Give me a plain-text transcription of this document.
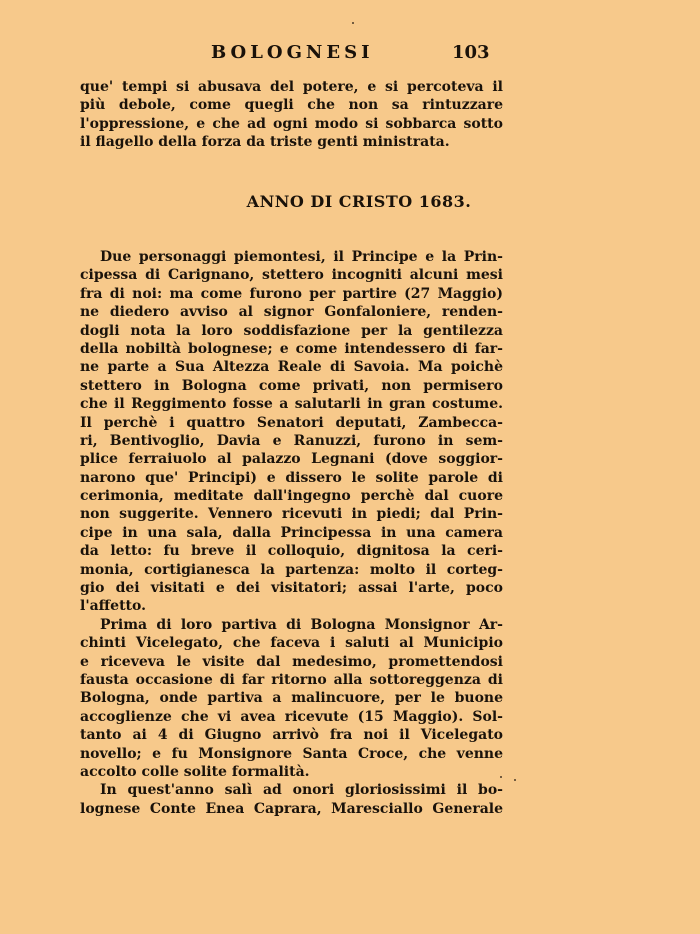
BOLOGNESI	103
que' tempi si abusava del potere, e si percoteva il
più debole, come quegli che non sa rintuzzare
l'oppressione, e che ad ogni modo si sobbarca sotto
il flagello della forza da triste genti ministrata.
ANNO DI CRISTO 1683.
Due personaggi piemontesi, il Principe e la Prin-
cipessa di Carignano, stettero incogniti alcuni mesi
fra di noi: ma come furono per partire (27 Maggio)
ne diedero avviso al signor Gonfaloniere, renden-
dogli nota la loro soddisfazione per la gentilezza
della nobiltà bolognese; e come intendessero di far-
ne parte a Sua Altezza Reale di Savoia. Ma poichè
stettero in Bologna come privati, non permisero
che il Reggimento fosse a salutarli in gran costume.
Il perchè i quattro Senatori deputati, Zambecca-
ri, Bentivoglio, Davia e Ranuzzi, furono in sem-
plice ferraiuolo al palazzo Legnani (dove soggior-
narono que' Principi) e dissero le solite parole di
cerimonia, meditate dall'ingegno perchè dal cuore
non suggerite. Vennero ricevuti in piedi; dal Prin-
cipe in una sala, dalla Principessa in una camera
da letto: fu breve il colloquio, dignitosa la ceri-
monia, cortigianesca la partenza: molto il corteg-
gio dei visitati e dei visitatori; assai l'arte, poco
l'affetto.
Prima di loro partiva di Bologna Monsignor Ar-
chinti Vicelegato, che faceva i saluti al Municipio
e riceveva le visite dal medesimo, promettendosi
fausta occasione di far ritorno alla sottoreggenza di
Bologna, onde partiva a malincuore, per le buone
accoglienze che vi avea ricevute (15 Maggio). Sol-
tanto ai 4 di Giugno arrivò fra noi il Vicelegato
novello; e fu Monsignore Santa Croce, che venne
accolto colle solite formalità.
In quest'anno salì ad onori gloriosissimi il bo-
lognese Conte Enea Caprara, Maresciallo Generale
